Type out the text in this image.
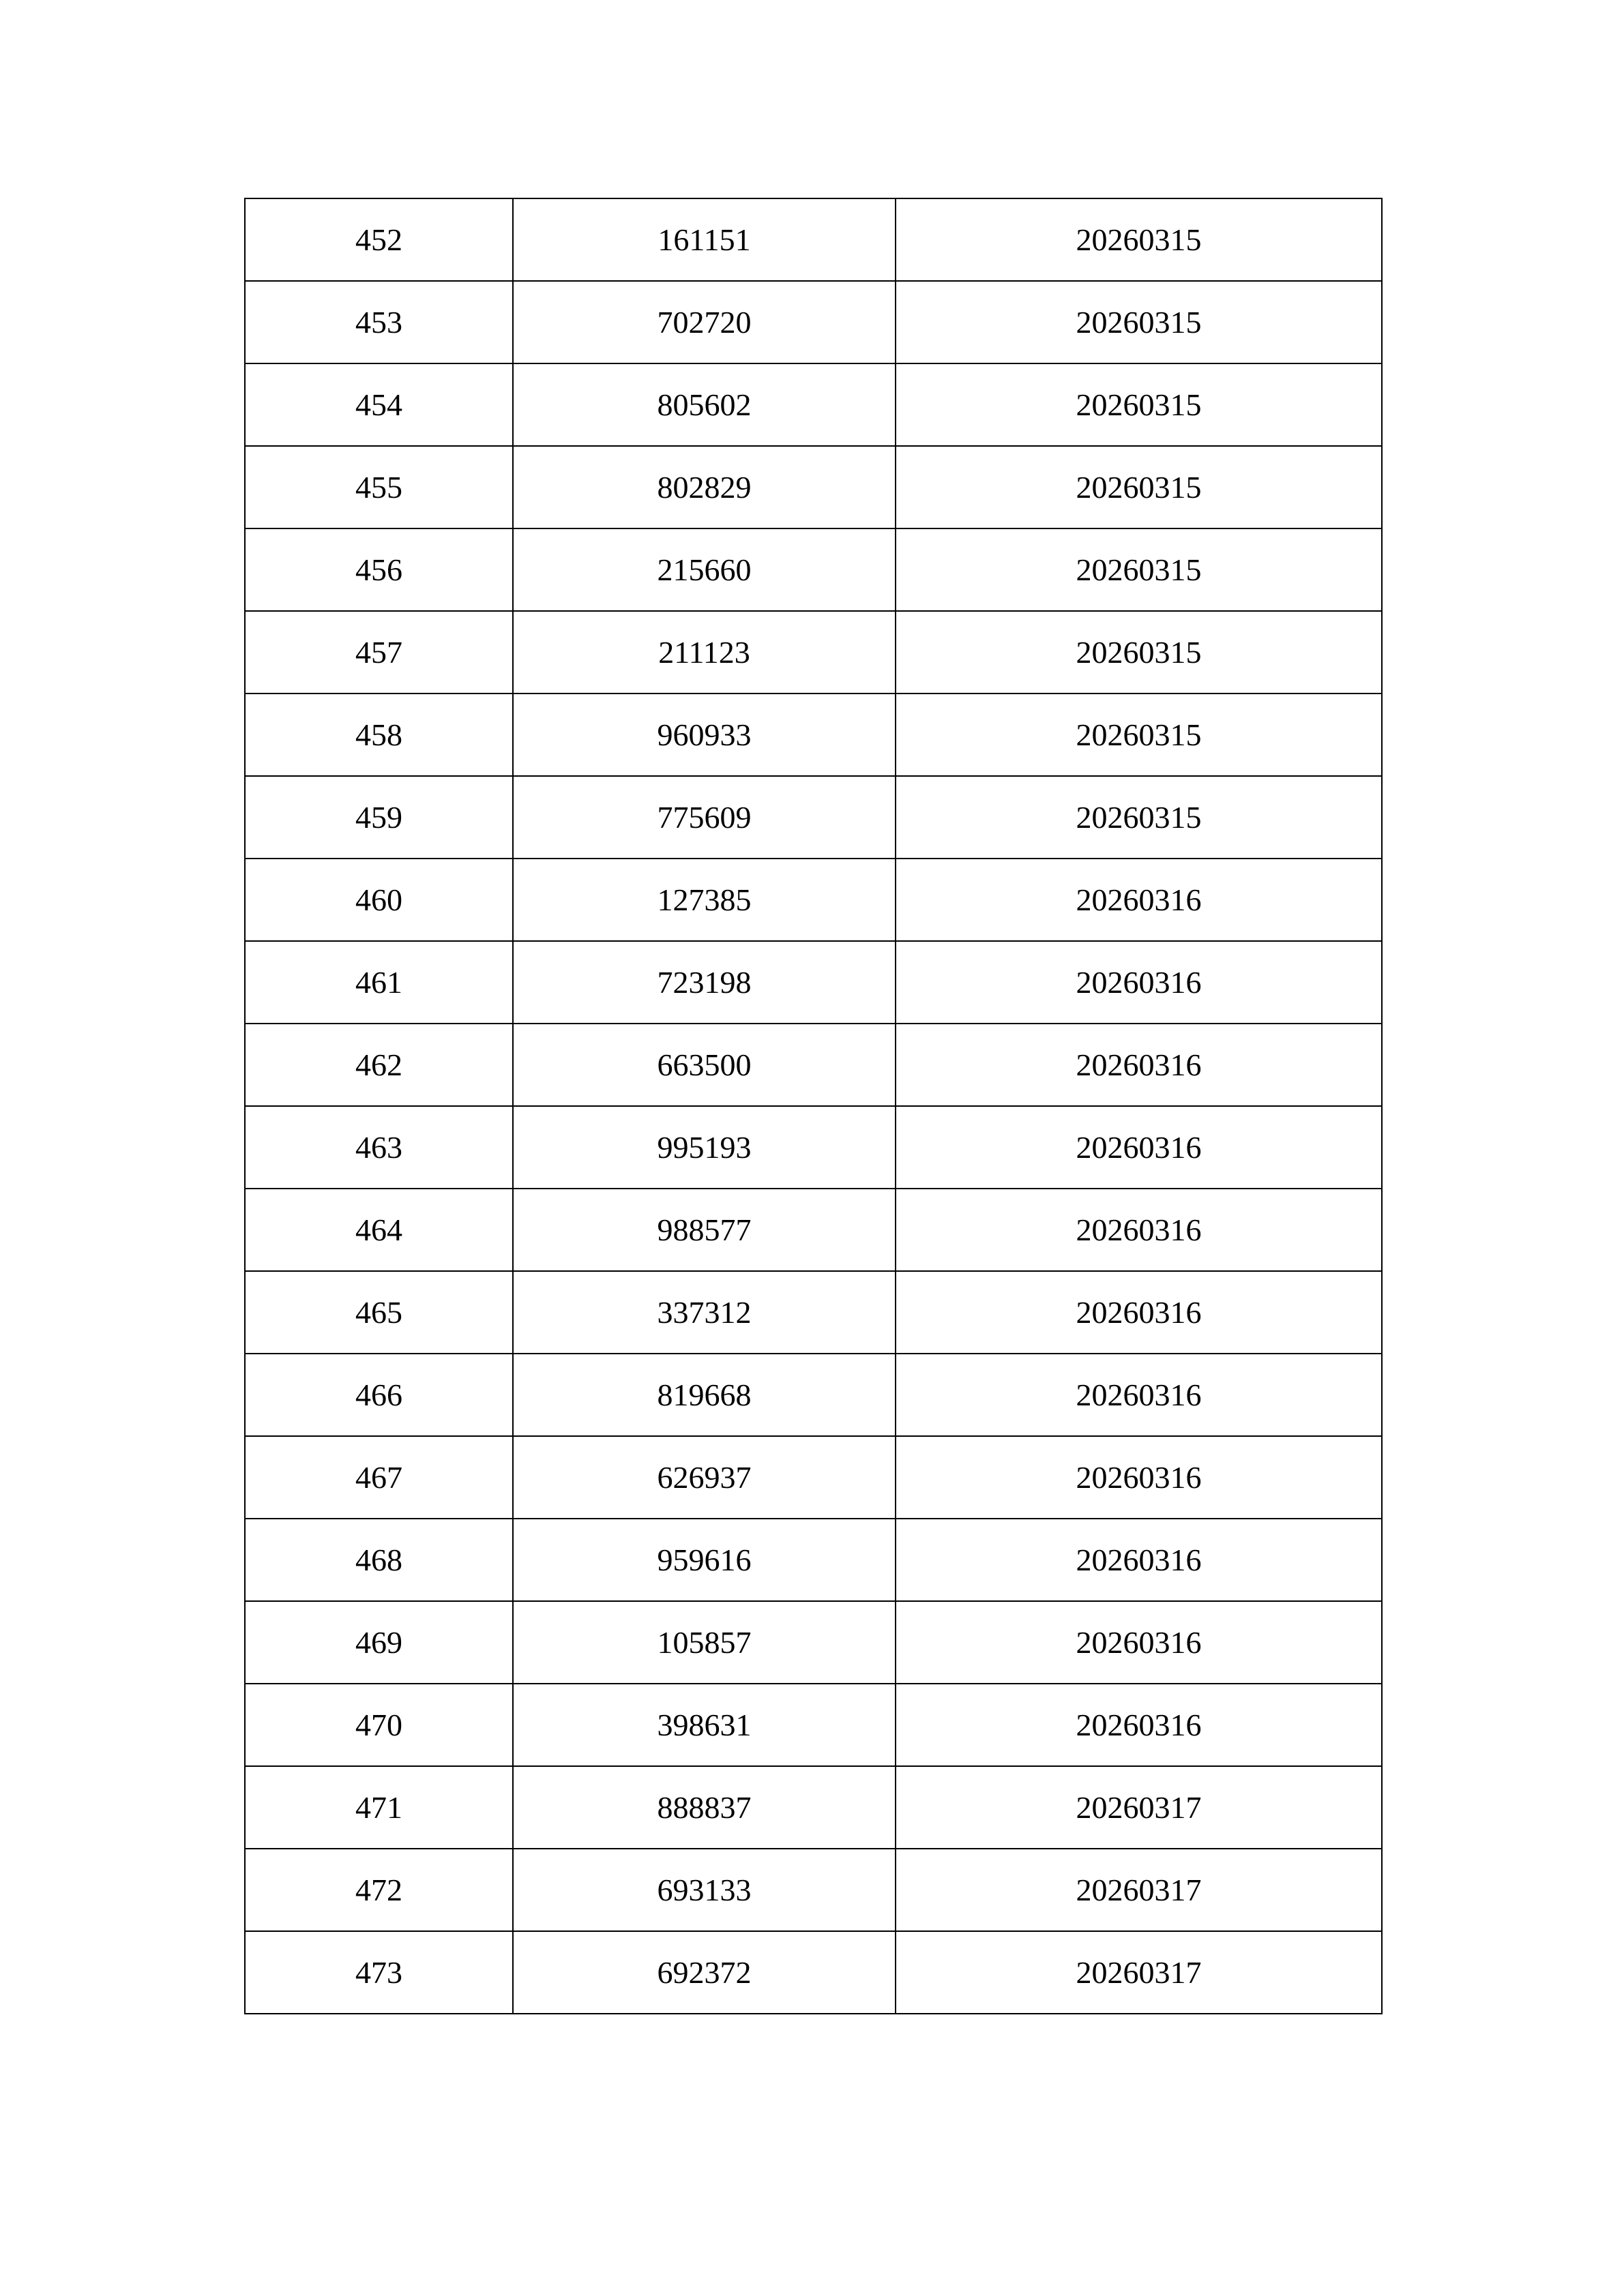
452	161151	20260315
453	702720	20260315
454	805602	20260315
455	802829	20260315
456	215660	20260315
457	211123	20260315
458	960933	20260315
459	775609	20260315
460	127385	20260316
461	723198	20260316
462	663500	20260316
463	995193	20260316
464	988577	20260316
465	337312	20260316
466	819668	20260316
467	626937	20260316
468	959616	20260316
469	105857	20260316
470	398631	20260316
471	888837	20260317
472	693133	20260317
473	692372	20260317
